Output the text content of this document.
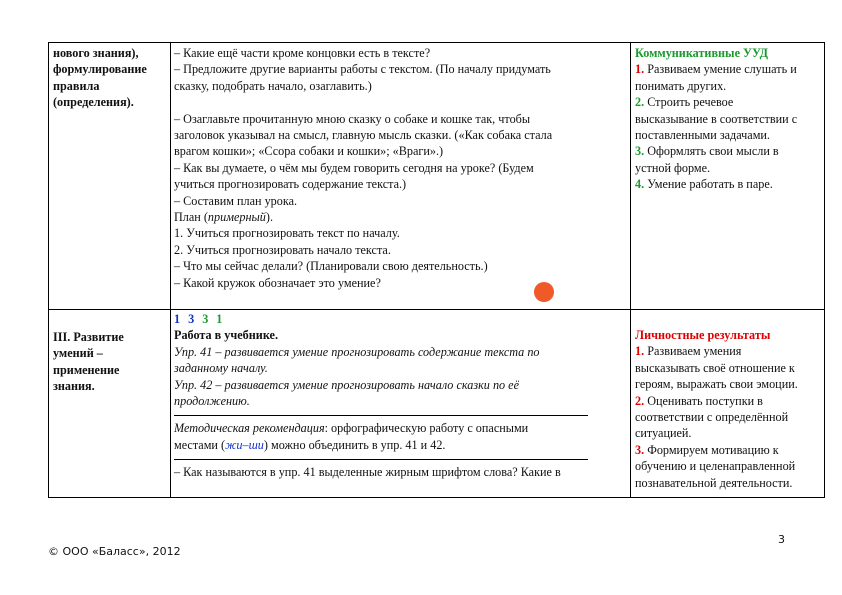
нового знания),
формулирование
правила
(определения).
– Какие ещё части кроме концовки есть в тексте?
– Предложите другие варианты работы с текстом. (По началу придумать
сказку, подобрать начало, озаглавить.)
– Озаглавьте прочитанную мною сказку о собаке и кошке так, чтобы
заголовок указывал на смысл, главную мысль сказки. («Как собака стала
врагом кошки»; «Ссора собаки и кошки»; «Враги».)
– Как вы думаете, о чём мы будем говорить сегодня на уроке? (Будем
учиться прогнозировать содержание текста.)
– Составим план урока.
План (примерный).
1. Учиться прогнозировать текст по началу.
2. Учиться прогнозировать начало текста.
– Что мы сейчас делали? (Планировали свою деятельность.)
– Какой кружок обозначает это умение?
Коммуникативные УУД
1. Развиваем умение слушать и
понимать других.
2. Строить речевое
высказывание в соответствии с
поставленными задачами.
3. Оформлять свои мысли в
устной форме.
4. Умение работать в паре.
III. Развитие
умений –
применение
знания.
1 3 3 1
Работа в учебнике.
Упр. 41 – развивается умение прогнозировать содержание текста по
заданному началу.
Упр. 42 – развивается умение прогнозировать начало сказки по её
продолжению.
Методическая рекомендация: орфографическую работу с опасными
местами (жи–ши) можно объединить в упр. 41 и 42.
– Как называются в упр. 41 выделенные жирным шрифтом слова? Какие в
Личностные результаты
1. Развиваем умения
высказывать своё отношение к
героям, выражать свои эмоции.
2. Оценивать поступки в
соответствии с определённой
ситуацией.
3. Формируем мотивацию к
обучению и целенаправленной
познавательной деятельности.
© ООО «Баласс», 2012
3
